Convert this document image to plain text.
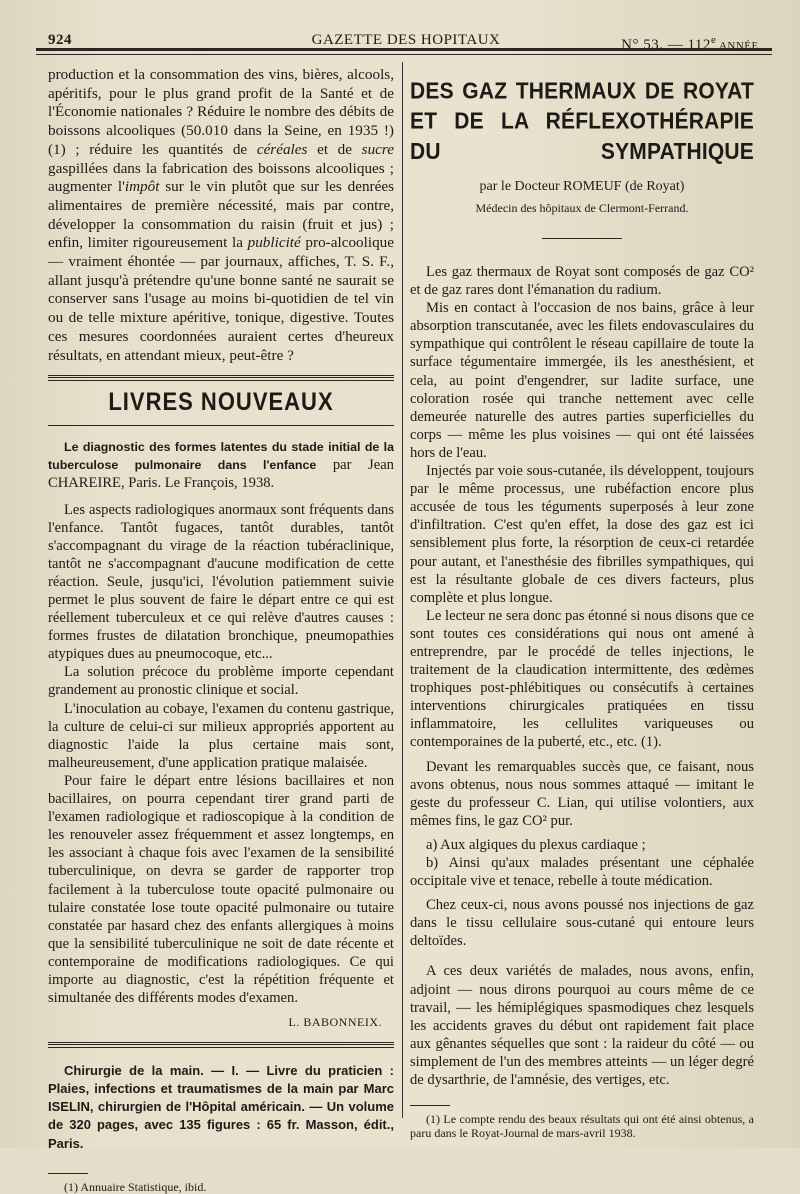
924	GAZETTE DES HOPITAUX	N° 53. — 112e ANNÉE.

production et la consommation des vins, bières, alcools, apéritifs, pour le plus grand profit de la Santé et de l'Économie nationales ? Réduire le nombre des débits de boissons alcooliques (50.010 dans la Seine, en 1935 !) (1) ; réduire les quantités de céréales et de sucre gaspillées dans la fabrication des boissons alcooliques ; augmenter l'impôt sur le vin plutôt que sur les denrées alimentaires de première nécessité, mais par contre, développer la consommation du raisin (fruit et jus) ; enfin, limiter rigoureusement la publicité pro-alcoolique — vraiment éhontée — par journaux, affiches, T. S. F., allant jusqu'à prétendre qu'une bonne santé ne saurait se conserver sans l'usage au moins bi-quotidien de tel vin ou de telle mixture apéritive, tonique, digestive. Toutes ces mesures coordonnées auraient certes d'heureux résultats, en attendant mieux, peut-être ?

LIVRES NOUVEAUX

Le diagnostic des formes latentes du stade initial de la tuberculose pulmonaire dans l'enfance par Jean CHAREIRE, Paris. Le François, 1938.

Les aspects radiologiques anormaux sont fréquents dans l'enfance. Tantôt fugaces, tantôt durables, tantôt s'accompagnant du virage de la réaction tubéraclinique, tantôt ne s'accompagnant d'aucune modification de cette réaction. Seule, jusqu'ici, l'évolution patiemment suivie permet le plus souvent de faire le départ entre ce qui est réellement tuberculeux et ce qui relève d'autres causes : formes frustes de dilatation bronchique, pneumopathies atypiques dues au pneumocoque, etc...

La solution précoce du problème importe cependant grandement au pronostic clinique et social.

L'inoculation au cobaye, l'examen du contenu gastrique, la culture de celui-ci sur milieux appropriés apportent au diagnostic l'aide la plus certaine mais sont, malheureusement, d'une application pratique malaisée.

Pour faire le départ entre lésions bacillaires et non bacillaires, on pourra cependant tirer grand parti de l'examen radiologique et radioscopique à la condition de les renouveler assez fréquemment et assez longtemps, en les associant à chaque fois avec l'examen de la sensibilité tuberculinique, on devra se garder de rapporter trop facilement à la tuberculose toute opacité pulmonaire ou tulaire constatée lose toute opacité pulmonaire ou tutaire constatée par hasard chez des enfants allergiques à moins que la sensibilité tuberculinique ne soit de date récente et contemporaine de modifications radiologiques. Ce qui importe au diagnostic, c'est la répétition fréquente et simultanée des différents modes d'examen.

L. BABONNEIX.

Chirurgie de la main. — I. — Livre du praticien : Plaies, infections et traumatismes de la main par Marc ISELIN, chirurgien de l'Hôpital américain. — Un volume de 320 pages, avec 135 figures : 65 fr. Masson, édit., Paris.

(1) Annuaire Statistique, ibid.

DES GAZ THERMAUX DE ROYAT ET DE LA RÉFLEXOTHÉRAPIE DU SYMPATHIQUE
par le Docteur ROMEUF (de Royat)
Médecin des hôpitaux de Clermont-Ferrand.

Les gaz thermaux de Royat sont composés de gaz CO² et de gaz rares dont l'émanation du radium.

Mis en contact à l'occasion de nos bains, grâce à leur absorption transcutanée, avec les filets endovasculaires du sympathique qui contrôlent le réseau capillaire de toute la surface tégumentaire immergée, ils les anesthésient, et cela, au point d'engendrer, sur ladite surface, une coloration rosée qui tranche nettement avec celle demeurée naturelle des autres parties superficielles du corps — même les plus voisines — qui ont été laissées hors de l'eau.

Injectés par voie sous-cutanée, ils développent, toujours par le même processus, une rubéfaction encore plus accusée de tous les téguments superposés à leur zone d'infiltration. C'est qu'en effet, la dose des gaz est ici sensiblement plus forte, la résorption de ceux-ci retardée pour autant, et l'anesthésie des fibrilles sympathiques, qui est la résultante globale de ces divers facteurs, plus complète et plus longue.

Le lecteur ne sera donc pas étonné si nous disons que ce sont toutes ces considérations qui nous ont amené à entreprendre, par le procédé de telles injections, le traitement de la claudication intermittente, des œdèmes trophiques post-phlébitiques ou consécutifs à certaines interventions chirurgicales pratiquées en tissu inflammatoire, les cellulites variqueuses ou contemporaines de la puberté, etc., etc. (1).

Devant les remarquables succès que, ce faisant, nous avons obtenus, nous nous sommes attaqué — imitant le geste du professeur C. Lian, qui utilise volontiers, aux mêmes fins, le gaz CO² pur.

a) Aux algiques du plexus cardiaque ;

b) Ainsi qu'aux malades présentant une céphalée occipitale vive et tenace, rebelle à toute médication.

Chez ceux-ci, nous avons poussé nos injections de gaz dans le tissu cellulaire sous-cutané qui entoure leurs deltoïdes.

A ces deux variétés de malades, nous avons, enfin, adjoint — nous dirons pourquoi au cours même de ce travail, — les hémiplégiques spasmodiques chez lesquels les accidents graves du début ont rapidement fait place aux gênantes séquelles que sont : la raideur du côté — ou simplement de l'un des membres atteints — un léger degré de dysarthrie, de l'amnésie, des vertiges, etc.

(1) Le compte rendu des beaux résultats qui ont été ainsi obtenus, a paru dans le Royat-Journal de mars-avril 1938.
